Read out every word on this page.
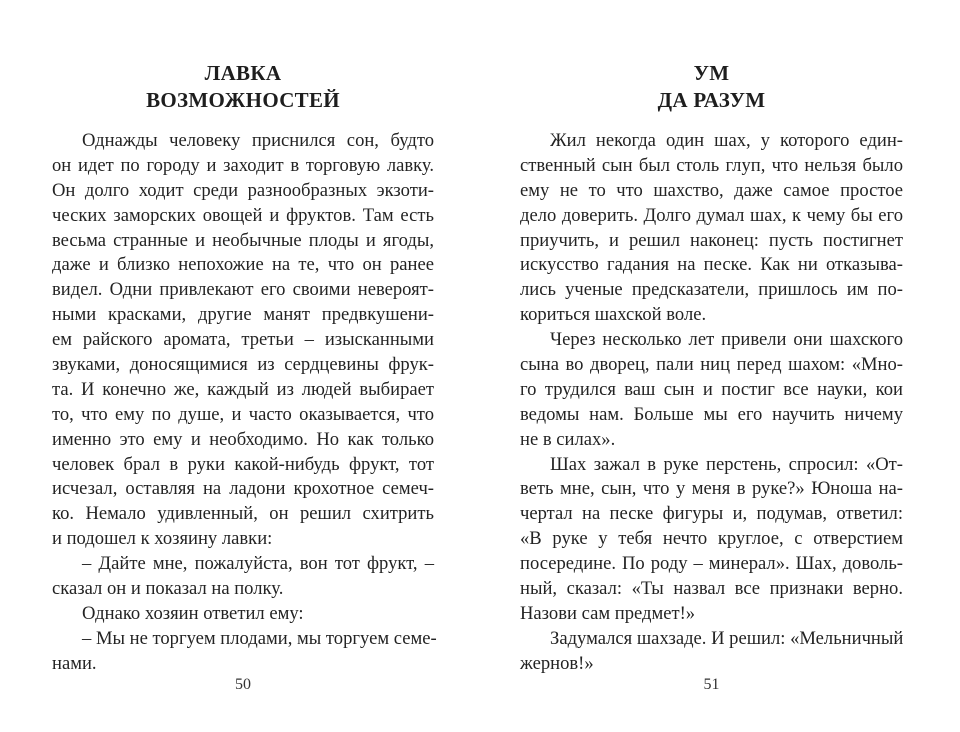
ЛАВКА
ВОЗМОЖНОСТЕЙ
Однажды человеку приснился сон, будто
он идет по городу и заходит в торговую лавку.
Он долго ходит среди разнообразных экзоти-
ческих заморских овощей и фруктов. Там есть
весьма странные и необычные плоды и ягоды,
даже и близко непохожие на те, что он ранее
видел. Одни привлекают его своими невероят-
ными красками, другие манят предвкушени-
ем райского аромата, третьи – изысканными
звуками, доносящимися из сердцевины фрук-
та. И конечно же, каждый из людей выбирает
то, что ему по душе, и часто оказывается, что
именно это ему и необходимо. Но как только
человек брал в руки какой-нибудь фрукт, тот
исчезал, оставляя на ладони крохотное семеч-
ко. Немало удивленный, он решил схитрить
и подошел к хозяину лавки:
– Дайте мне, пожалуйста, вон тот фрукт, –
сказал он и показал на полку.
Однако хозяин ответил ему:
– Мы не торгуем плодами, мы торгуем семе-
нами.
50
УМ
ДА РАЗУМ
Жил некогда один шах, у которого един-
ственный сын был столь глуп, что нельзя было
ему не то что шахство, даже самое простое
дело доверить. Долго думал шах, к чему бы его
приучить, и решил наконец: пусть постигнет
искусство гадания на песке. Как ни отказыва-
лись ученые предсказатели, пришлось им по-
кориться шахской воле.
Через несколько лет привели они шахского
сына во дворец, пали ниц перед шахом: «Мно-
го трудился ваш сын и постиг все науки, кои
ведомы нам. Больше мы его научить ничему
не в силах».
Шах зажал в руке перстень, спросил: «От-
веть мне, сын, что у меня в руке?» Юноша на-
чертал на песке фигуры и, подумав, ответил:
«В руке у тебя нечто круглое, с отверстием
посередине. По роду – минерал». Шах, доволь-
ный, сказал: «Ты назвал все признаки верно.
Назови сам предмет!»
Задумался шахзаде. И решил: «Мельничный
жернов!»
51
